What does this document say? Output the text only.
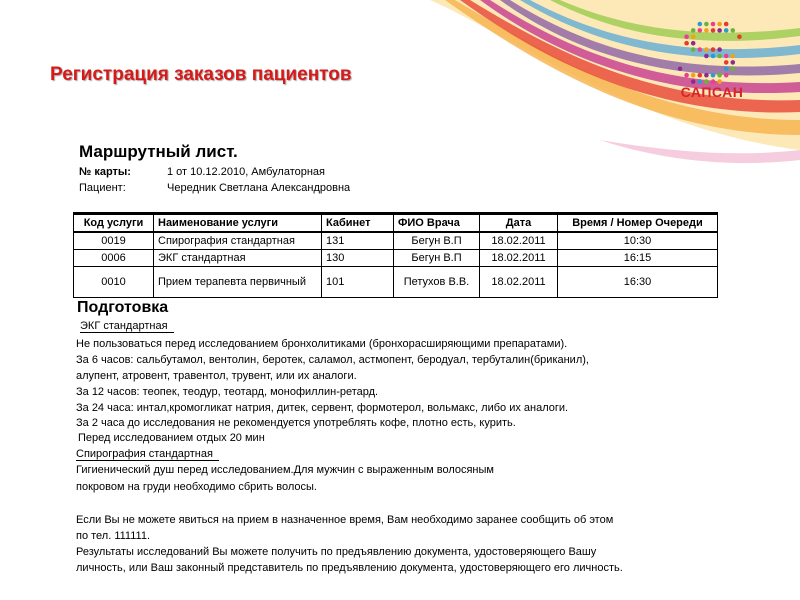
Регистрация заказов пациентов
САПСАН
Маршрутный лист.
№ карты:	1 от 10.12.2010, Амбулаторная
Пациент:	Чередник Светлана Александровна
Код услуги	Наименование услуги	Кабинет	ФИО Врача	Дата	Время / Номер Очереди
0019	Спирография стандартная	131	Бегун В.П	18.02.2011	10:30
0006	ЭКГ стандартная	130	Бегун В.П	18.02.2011	16:15
0010	Прием терапевта первичный	101	Петухов В.В.	18.02.2011	16:30
Подготовка
ЭКГ стандартная
Не пользоваться перед исследованием бронхолитиками (бронхорасширяющими препаратами).
За 6 часов: сальбутамол, вентолин, беротек, саламол, астмопент, беродуал, тербуталин(бриканил),
алупент, атровент, травентол, трувент, или их аналоги.
За 12 часов: теопек, теодур, теотард, монофиллин-ретард.
За 24 часа: интал,кромогликат натрия, дитек, сервент, формотерол, вольмакс, либо их аналоги.
За 2 часа до исследования не рекомендуется употреблять кофе, плотно есть, курить.
Перед исследованием отдых 20 мин
Спирография стандартная
Гигиенический душ перед исследованием.Для мужчин с выраженным волосяным
покровом на груди необходимо сбрить волосы.
Если Вы не можете явиться на прием в назначенное время, Вам необходимо заранее сообщить об этом
по тел. 111111.
Результаты исследований Вы можете получить по предъявлению документа, удостоверяющего Вашу
личность, или Ваш законный представитель по предъявлению документа, удостоверяющего его личность.
